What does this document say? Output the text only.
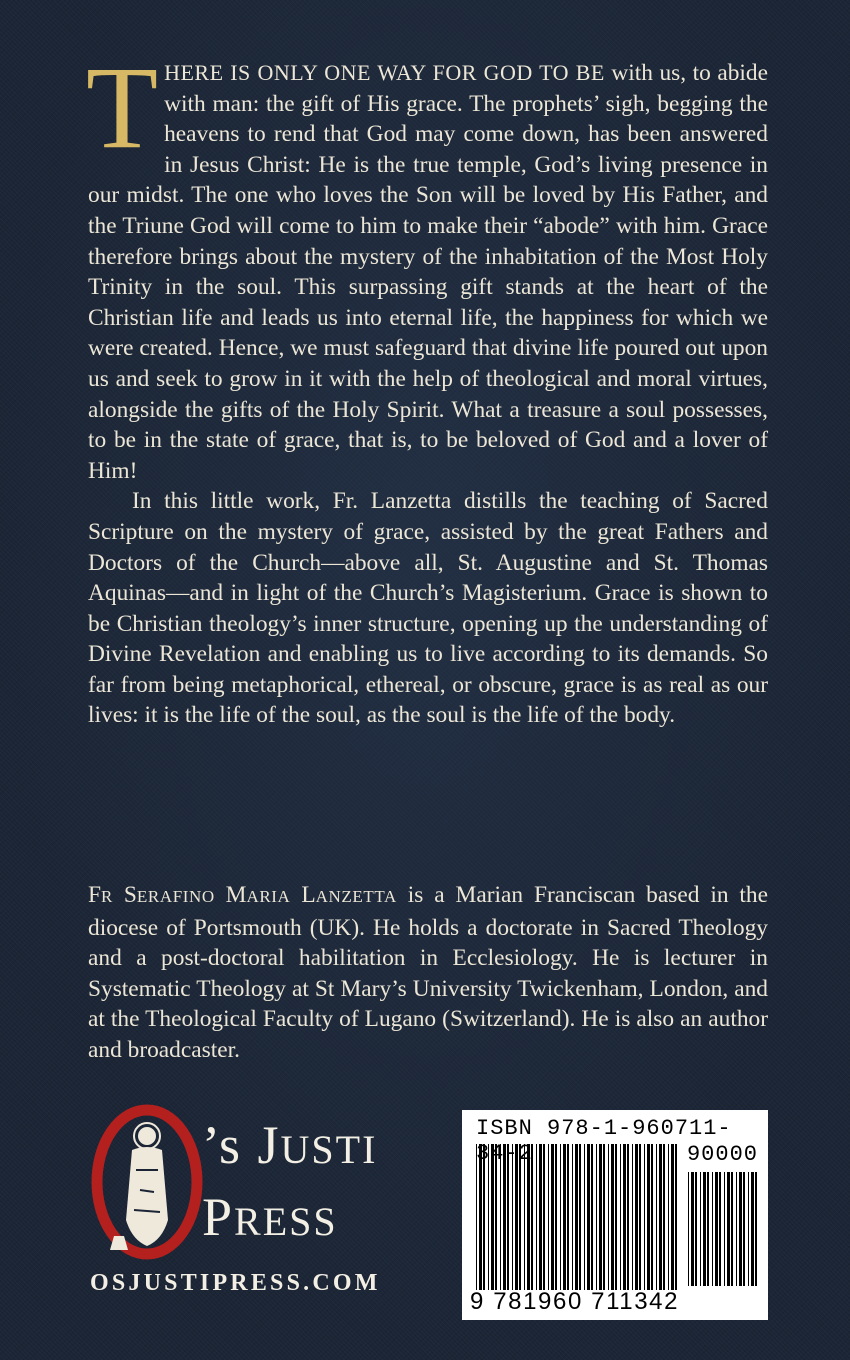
THERE IS ONLY ONE WAY FOR GOD TO BE with us, to abide with man: the gift of His grace. The prophets’ sigh, begging the heavens to rend that God may come down, has been answered in Jesus Christ: He is the true temple, God’s living presence in our midst. The one who loves the Son will be loved by His Father, and the Triune God will come to him to make their “abode” with him. Grace therefore brings about the mystery of the inhabitation of the Most Holy Trinity in the soul. This surpassing gift stands at the heart of the Christian life and leads us into eternal life, the happiness for which we were created. Hence, we must safeguard that divine life poured out upon us and seek to grow in it with the help of theological and moral virtues, alongside the gifts of the Holy Spirit. What a treasure a soul possesses, to be in the state of grace, that is, to be beloved of God and a lover of Him!

In this little work, Fr. Lanzetta distills the teaching of Sacred Scripture on the mystery of grace, assisted by the great Fathers and Doctors of the Church—above all, St. Augustine and St. Thomas Aquinas—and in light of the Church’s Magisterium. Grace is shown to be Christian theology’s inner structure, opening up the understanding of Divine Revelation and enabling us to live according to its demands. So far from being metaphorical, ethereal, or obscure, grace is as real as our lives: it is the life of the soul, as the soul is the life of the body.

FR SERAFINO MARIA LANZETTA is a Marian Franciscan based in the diocese of Portsmouth (UK). He holds a doctorate in Sacred Theology and a post-doctoral habilitation in Ecclesiology. He is lecturer in Systematic Theology at St Mary’s University Twickenham, London, and at the Theological Faculty of Lugano (Switzerland). He is also an author and broadcaster.

’s JUSTI
PRESS
OSJUSTIPRESS.COM
ISBN 978-1-960711- 4-2	90000
9 781960 711342
